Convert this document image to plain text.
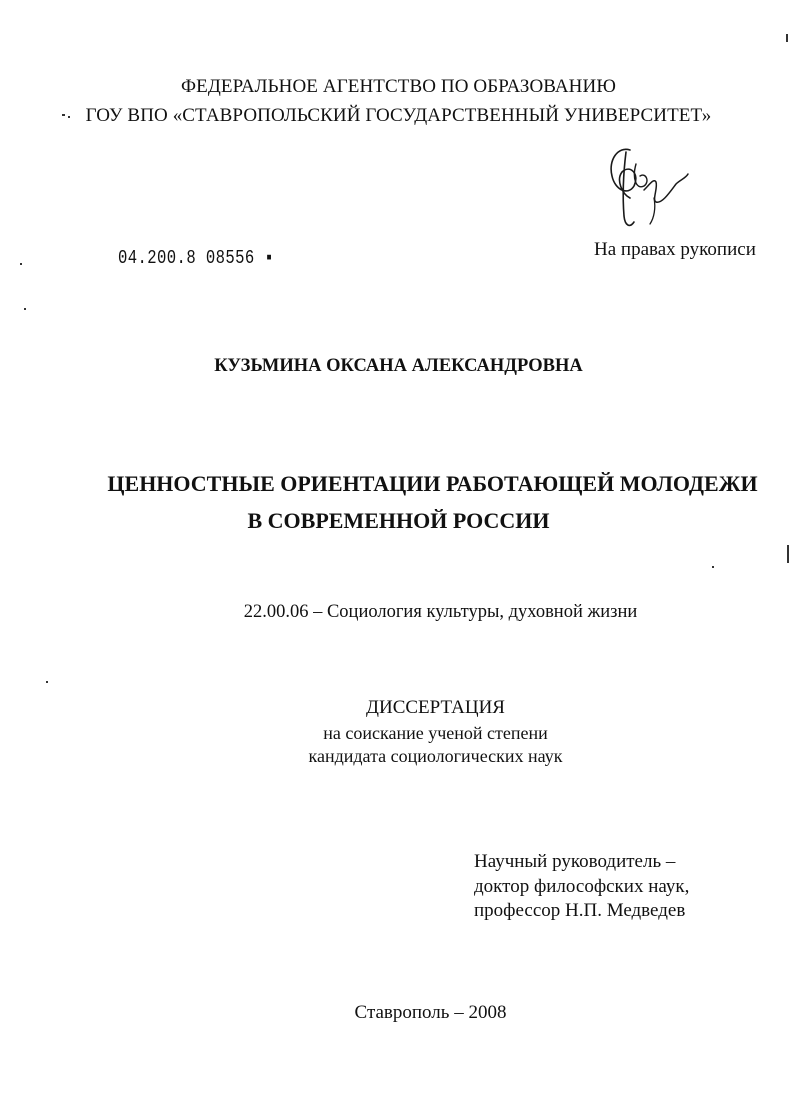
ФЕДЕРАЛЬНОЕ АГЕНТСТВО ПО ОБРАЗОВАНИЮ
ГОУ ВПО «СТАВРОПОЛЬСКИЙ ГОСУДАРСТВЕННЫЙ УНИВЕРСИТЕТ»
На правах рукописи
04.200.8 08556 ▪
КУЗЬМИНА ОКСАНА АЛЕКСАНДРОВНА
ЦЕННОСТНЫЕ ОРИЕНТАЦИИ РАБОТАЮЩЕЙ МОЛОДЕЖИ
В СОВРЕМЕННОЙ РОССИИ
22.00.06 – Социология культуры, духовной жизни
ДИССЕРТАЦИЯ
на соискание ученой степени
кандидата социологических наук
Научный руководитель –
доктор философских наук,
профессор Н.П. Медведев
Ставрополь – 2008
